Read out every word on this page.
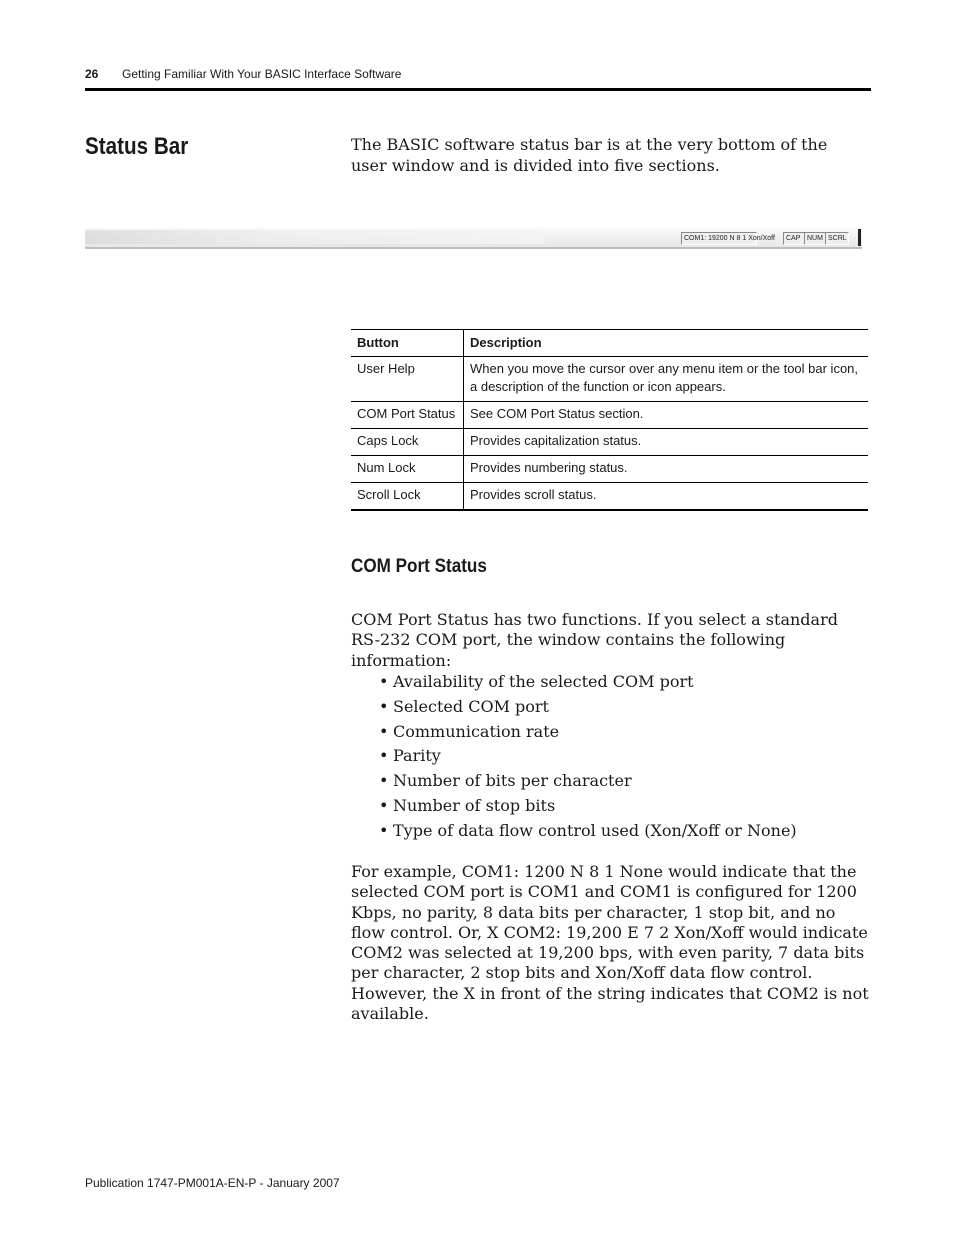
26 Getting Familiar With Your BASIC Interface Software
Status Bar	The BASIC software status bar is at the very bottom of the user window and is divided into five sections.
COM1: 19200 N 8 1 Xon/Xoff	CAP NUM SCRL
Button	Description
User Help	When you move the cursor over any menu item or the tool bar icon, a description of the function or icon appears.
COM Port Status	See COM Port Status section.
Caps Lock	Provides capitalization status.
Num Lock	Provides numbering status.
Scroll Lock	Provides scroll status.
COM Port Status
COM Port Status has two functions. If you select a standard RS-232 COM port, the window contains the following information:
• Availability of the selected COM port
• Selected COM port
• Communication rate
• Parity
• Number of bits per character
• Number of stop bits
• Type of data flow control used (Xon/Xoff or None)
For example, COM1: 1200 N 8 1 None would indicate that the selected COM port is COM1 and COM1 is configured for 1200 Kbps, no parity, 8 data bits per character, 1 stop bit, and no flow control. Or, X COM2: 19,200 E 7 2 Xon/Xoff would indicate COM2 was selected at 19,200 bps, with even parity, 7 data bits per character, 2 stop bits and Xon/Xoff data flow control. However, the X in front of the string indicates that COM2 is not available.
Publication 1747-PM001A-EN-P - January 2007
